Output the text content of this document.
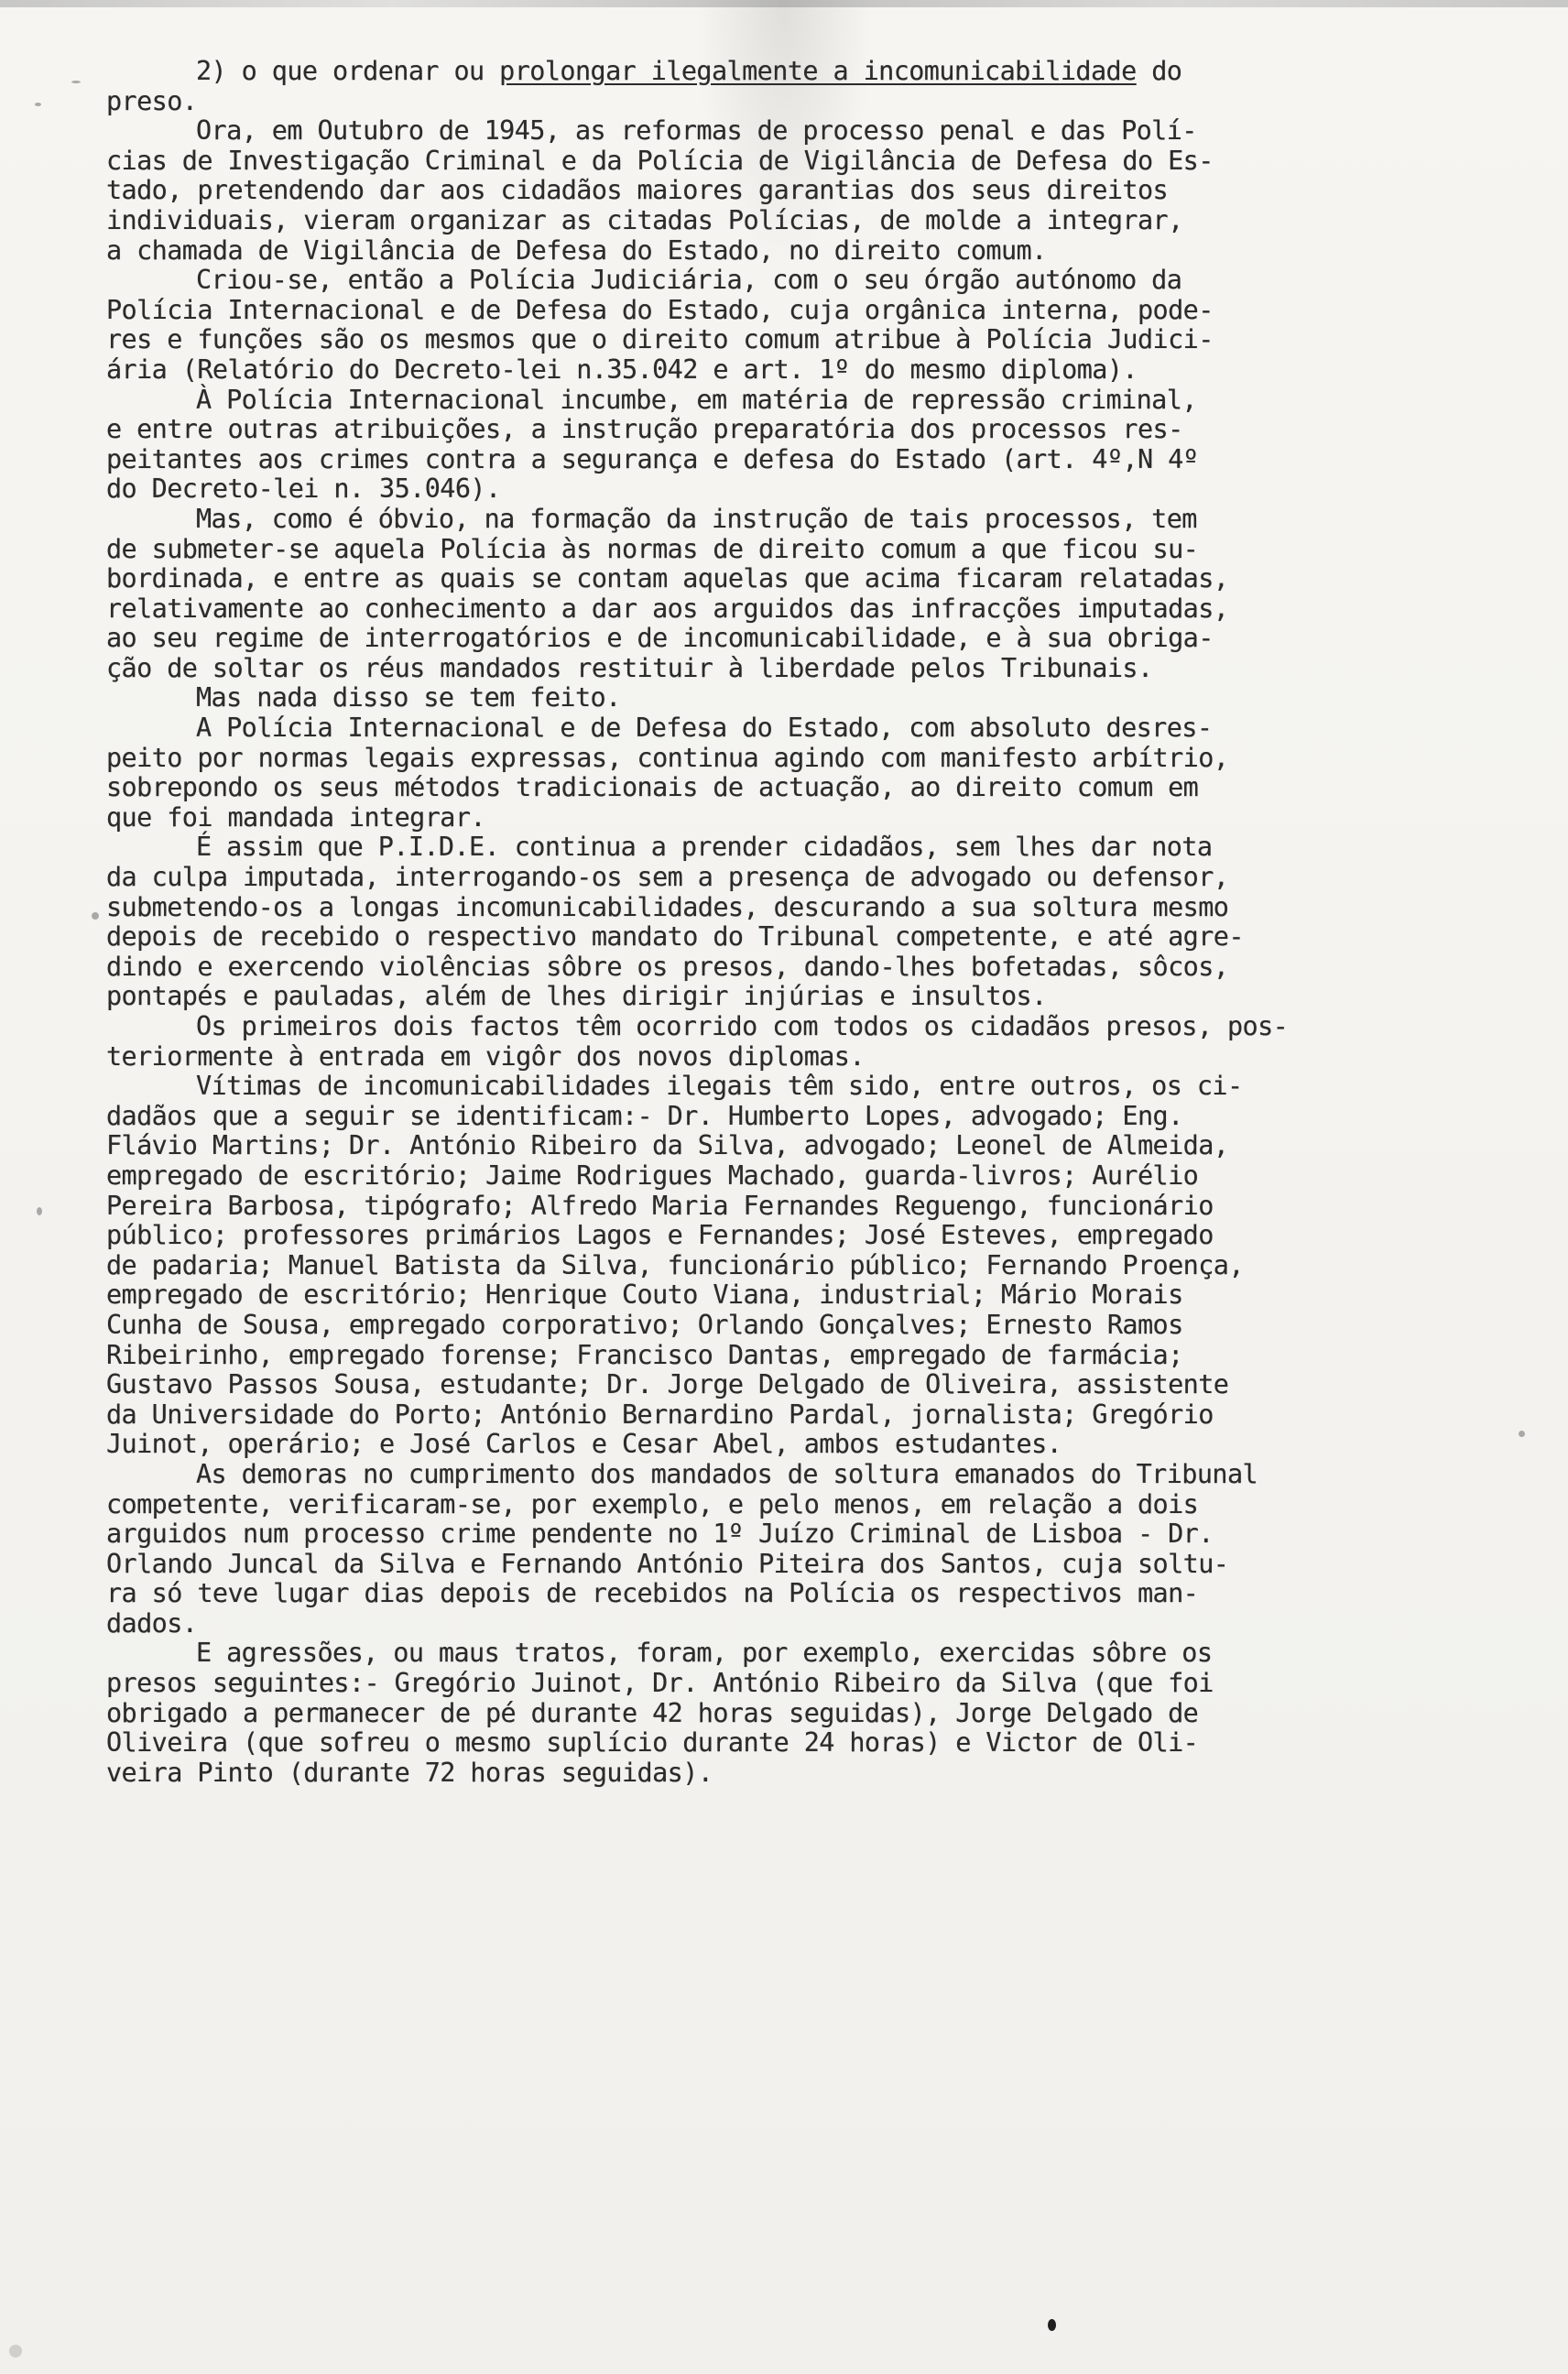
2) o que ordenar ou prolongar ilegalmente a incomunicabilidade do
preso.
Ora, em Outubro de 1945, as reformas de processo penal e das Polí-
cias de Investigação Criminal e da Polícia de Vigilância de Defesa do Es-
tado, pretendendo dar aos cidadãos maiores garantias dos seus direitos
individuais, vieram organizar as citadas Polícias, de molde a integrar,
a chamada de Vigilância de Defesa do Estado, no direito comum.
Criou-se, então a Polícia Judiciária, com o seu órgão autónomo da
Polícia Internacional e de Defesa do Estado, cuja orgânica interna, pode-
res e funções são os mesmos que o direito comum atribue à Polícia Judici-
ária (Relatório do Decreto-lei n.35.042 e art. 1º do mesmo diploma).
À Polícia Internacional incumbe, em matéria de repressão criminal,
e entre outras atribuições, a instrução preparatória dos processos res-
peitantes aos crimes contra a segurança e defesa do Estado (art. 4º,N 4º
do Decreto-lei n. 35.046).
Mas, como é óbvio, na formação da instrução de tais processos, tem
de submeter-se aquela Polícia às normas de direito comum a que ficou su-
bordinada, e entre as quais se contam aquelas que acima ficaram relatadas,
relativamente ao conhecimento a dar aos arguidos das infracções imputadas,
ao seu regime de interrogatórios e de incomunicabilidade, e à sua obriga-
ção de soltar os réus mandados restituir à liberdade pelos Tribunais.
Mas nada disso se tem feito.
A Polícia Internacional e de Defesa do Estado, com absoluto desres-
peito por normas legais expressas, continua agindo com manifesto arbítrio,
sobrepondo os seus métodos tradicionais de actuação, ao direito comum em
que foi mandada integrar.
É assim que P.I.D.E. continua a prender cidadãos, sem lhes dar nota
da culpa imputada, interrogando-os sem a presença de advogado ou defensor,
submetendo-os a longas incomunicabilidades, descurando a sua soltura mesmo
depois de recebido o respectivo mandato do Tribunal competente, e até agre-
dindo e exercendo violências sôbre os presos, dando-lhes bofetadas, sôcos,
pontapés e pauladas, além de lhes dirigir injúrias e insultos.
Os primeiros dois factos têm ocorrido com todos os cidadãos presos, pos-
teriormente à entrada em vigôr dos novos diplomas.
Vítimas de incomunicabilidades ilegais têm sido, entre outros, os ci-
dadãos que a seguir se identificam:- Dr. Humberto Lopes, advogado; Eng.
Flávio Martins; Dr. António Ribeiro da Silva, advogado; Leonel de Almeida,
empregado de escritório; Jaime Rodrigues Machado, guarda-livros; Aurélio
Pereira Barbosa, tipógrafo; Alfredo Maria Fernandes Reguengo, funcionário
público; professores primários Lagos e Fernandes; José Esteves, empregado
de padaria; Manuel Batista da Silva, funcionário público; Fernando Proença,
empregado de escritório; Henrique Couto Viana, industrial; Mário Morais
Cunha de Sousa, empregado corporativo; Orlando Gonçalves; Ernesto Ramos
Ribeirinho, empregado forense; Francisco Dantas, empregado de farmácia;
Gustavo Passos Sousa, estudante; Dr. Jorge Delgado de Oliveira, assistente
da Universidade do Porto; António Bernardino Pardal, jornalista; Gregório
Juinot, operário; e José Carlos e Cesar Abel, ambos estudantes.
As demoras no cumprimento dos mandados de soltura emanados do Tribunal
competente, verificaram-se, por exemplo, e pelo menos, em relação a dois
arguidos num processo crime pendente no 1º Juízo Criminal de Lisboa - Dr.
Orlando Juncal da Silva e Fernando António Piteira dos Santos, cuja soltu-
ra só teve lugar dias depois de recebidos na Polícia os respectivos man-
dados.
E agressões, ou maus tratos, foram, por exemplo, exercidas sôbre os
presos seguintes:- Gregório Juinot, Dr. António Ribeiro da Silva (que foi
obrigado a permanecer de pé durante 42 horas seguidas), Jorge Delgado de
Oliveira (que sofreu o mesmo suplício durante 24 horas) e Victor de Oli-
veira Pinto (durante 72 horas seguidas).
